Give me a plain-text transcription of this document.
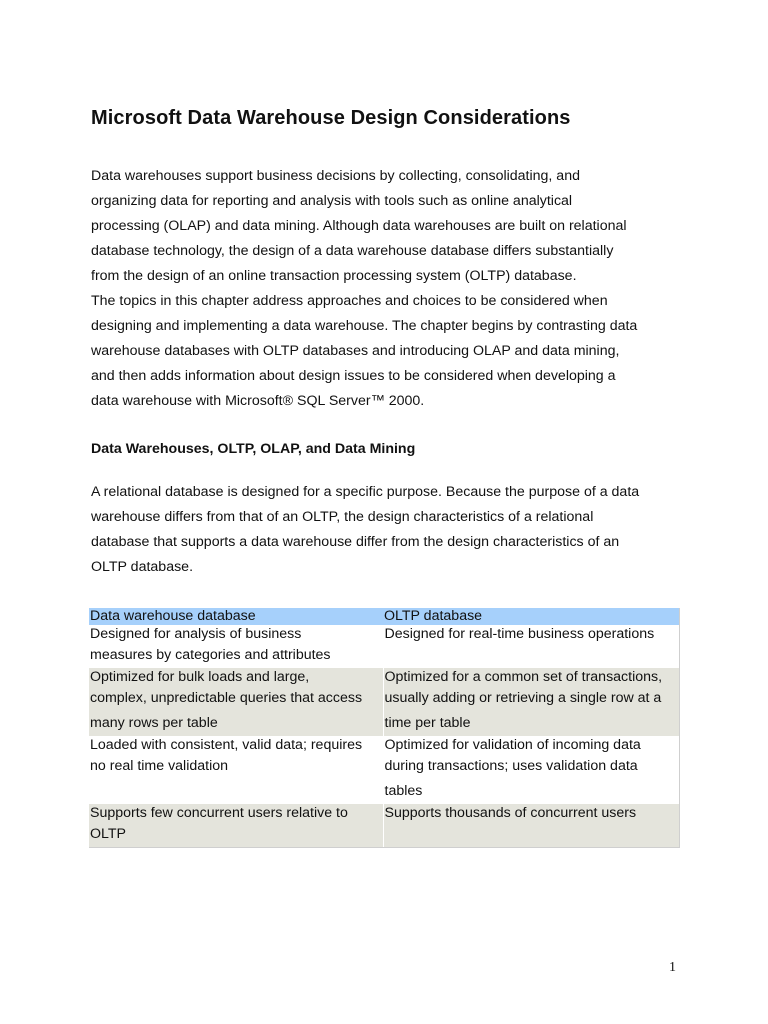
Microsoft Data Warehouse Design Considerations

Data warehouses support business decisions by collecting, consolidating, and
organizing data for reporting and analysis with tools such as online analytical
processing (OLAP) and data mining. Although data warehouses are built on relational
database technology, the design of a data warehouse database differs substantially
from the design of an online transaction processing system (OLTP) database.

The topics in this chapter address approaches and choices to be considered when
designing and implementing a data warehouse. The chapter begins by contrasting data
warehouse databases with OLTP databases and introducing OLAP and data mining,
and then adds information about design issues to be considered when developing a
data warehouse with Microsoft® SQL Server™ 2000.

Data Warehouses, OLTP, OLAP, and Data Mining

A relational database is designed for a specific purpose. Because the purpose of a data
warehouse differs from that of an OLTP, the design characteristics of a relational
database that supports a data warehouse differ from the design characteristics of an
OLTP database.

Data warehouse database	OLTP database

Designed for analysis of business
measures by categories and attributes	Designed for real-time business operations

Optimized for bulk loads and large,
complex, unpredictable queries that access
many rows per table	Optimized for a common set of transactions,
usually adding or retrieving a single row at a
time per table

Loaded with consistent, valid data; requires
no real time validation	Optimized for validation of incoming data
during transactions; uses validation data
tables

Supports few concurrent users relative to
OLTP	Supports thousands of concurrent users
1
